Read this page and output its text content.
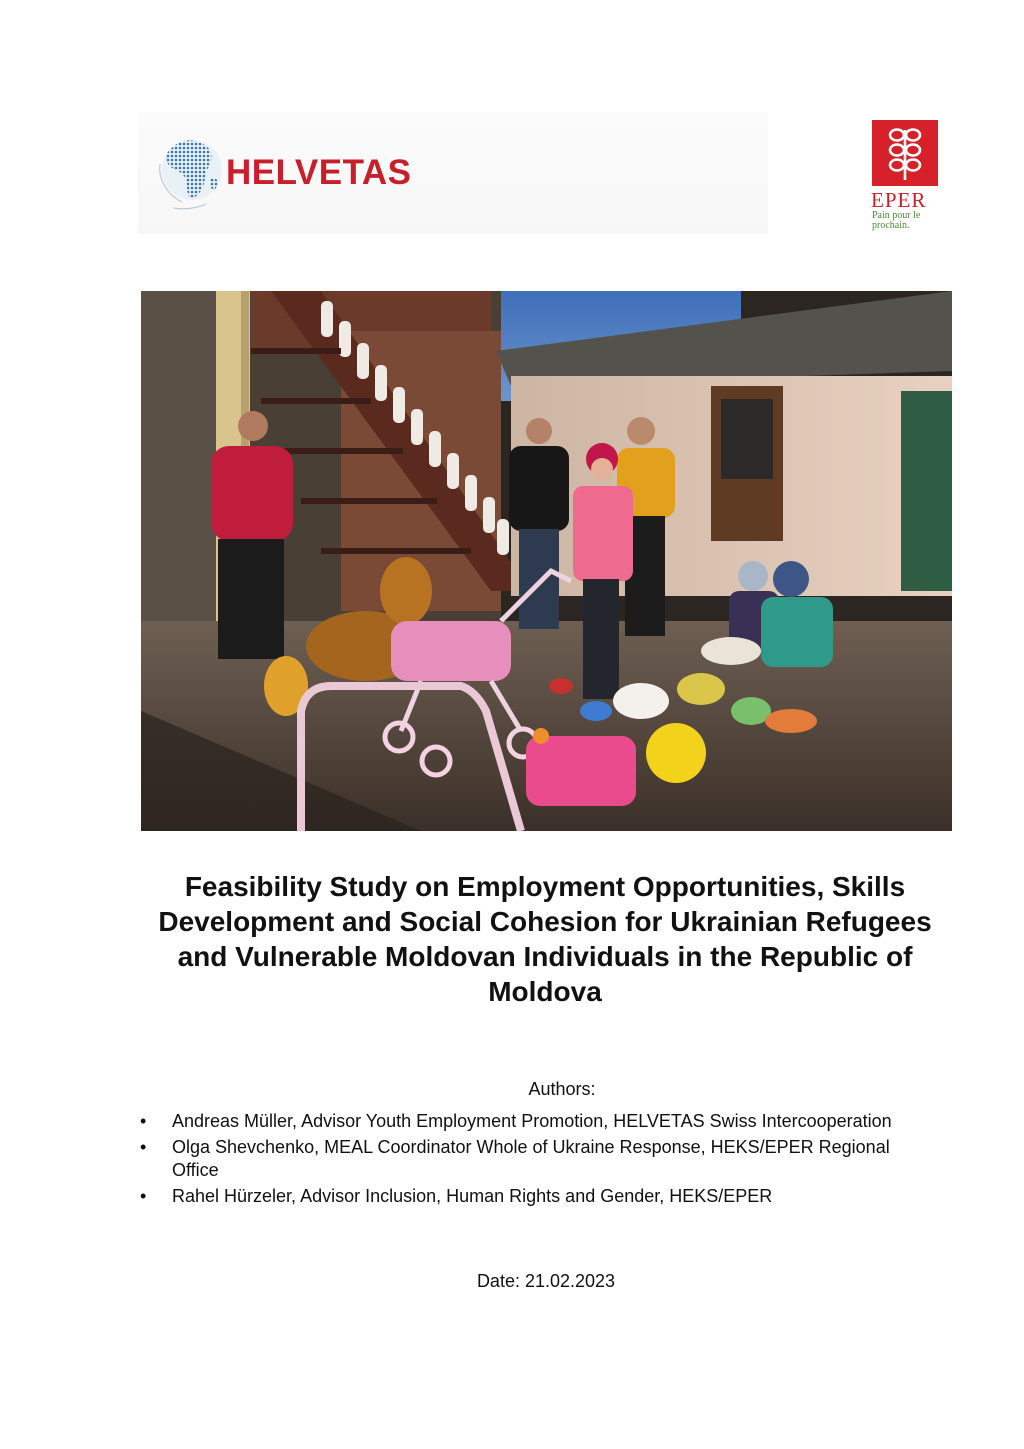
HELVETAS
EPER
Pain pour le prochain.
Feasibility Study on Employment Opportunities, Skills Development and Social Cohesion for Ukrainian Refugees and Vulnerable Moldovan Individuals in the Republic of Moldova
Authors:
• Andreas Müller, Advisor Youth Employment Promotion, HELVETAS Swiss Intercooperation
• Olga Shevchenko, MEAL Coordinator Whole of Ukraine Response, HEKS/EPER Regional Office
• Rahel Hürzeler, Advisor Inclusion, Human Rights and Gender, HEKS/EPER
Date: 21.02.2023
